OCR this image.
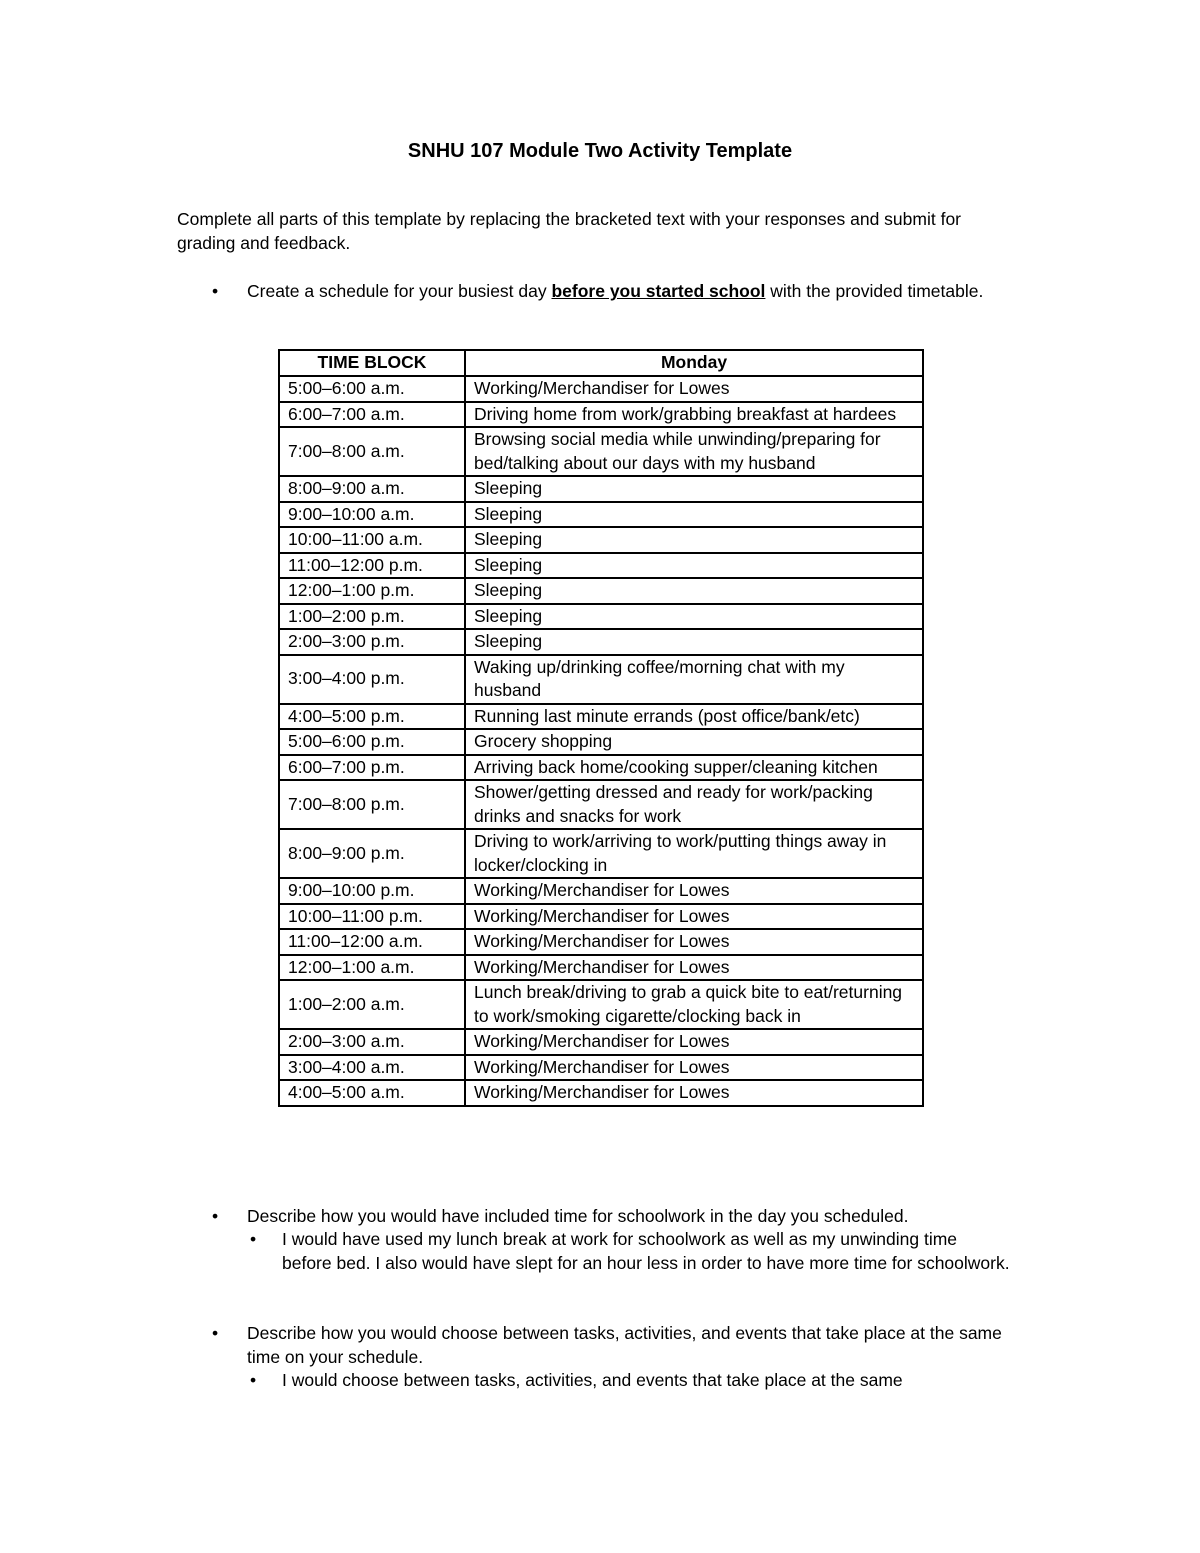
SNHU 107 Module Two Activity Template

Complete all parts of this template by replacing the bracketed text with your responses and submit for grading and feedback.

• Create a schedule for your busiest day before you started school with the provided timetable.
TIME BLOCK	Monday
5:00–6:00 a.m.	Working/Merchandiser for Lowes
6:00–7:00 a.m.	Driving home from work/grabbing breakfast at hardees
7:00–8:00 a.m.	Browsing social media while unwinding/preparing for bed/talking about our days with my husband
8:00–9:00 a.m.	Sleeping
9:00–10:00 a.m.	Sleeping
10:00–11:00 a.m.	Sleeping
11:00–12:00 p.m.	Sleeping
12:00–1:00 p.m.	Sleeping
1:00–2:00 p.m.	Sleeping
2:00–3:00 p.m.	Sleeping
3:00–4:00 p.m.	Waking up/drinking coffee/morning chat with my husband
4:00–5:00 p.m.	Running last minute errands (post office/bank/etc)
5:00–6:00 p.m.	Grocery shopping
6:00–7:00 p.m.	Arriving back home/cooking supper/cleaning kitchen
7:00–8:00 p.m.	Shower/getting dressed and ready for work/packing drinks and snacks for work
8:00–9:00 p.m.	Driving to work/arriving to work/putting things away in locker/clocking in
9:00–10:00 p.m.	Working/Merchandiser for Lowes
10:00–11:00 p.m.	Working/Merchandiser for Lowes
11:00–12:00 a.m.	Working/Merchandiser for Lowes
12:00–1:00 a.m.	Working/Merchandiser for Lowes
1:00–2:00 a.m.	Lunch break/driving to grab a quick bite to eat/returning to work/smoking cigarette/clocking back in
2:00–3:00 a.m.	Working/Merchandiser for Lowes
3:00–4:00 a.m.	Working/Merchandiser for Lowes
4:00–5:00 a.m.	Working/Merchandiser for Lowes
• Describe how you would have included time for schoolwork in the day you scheduled.
• I would have used my lunch break at work for schoolwork as well as my unwinding time before bed. I also would have slept for an hour less in order to have more time for schoolwork.
• Describe how you would choose between tasks, activities, and events that take place at the same time on your schedule.
• I would choose between tasks, activities, and events that take place at the same
